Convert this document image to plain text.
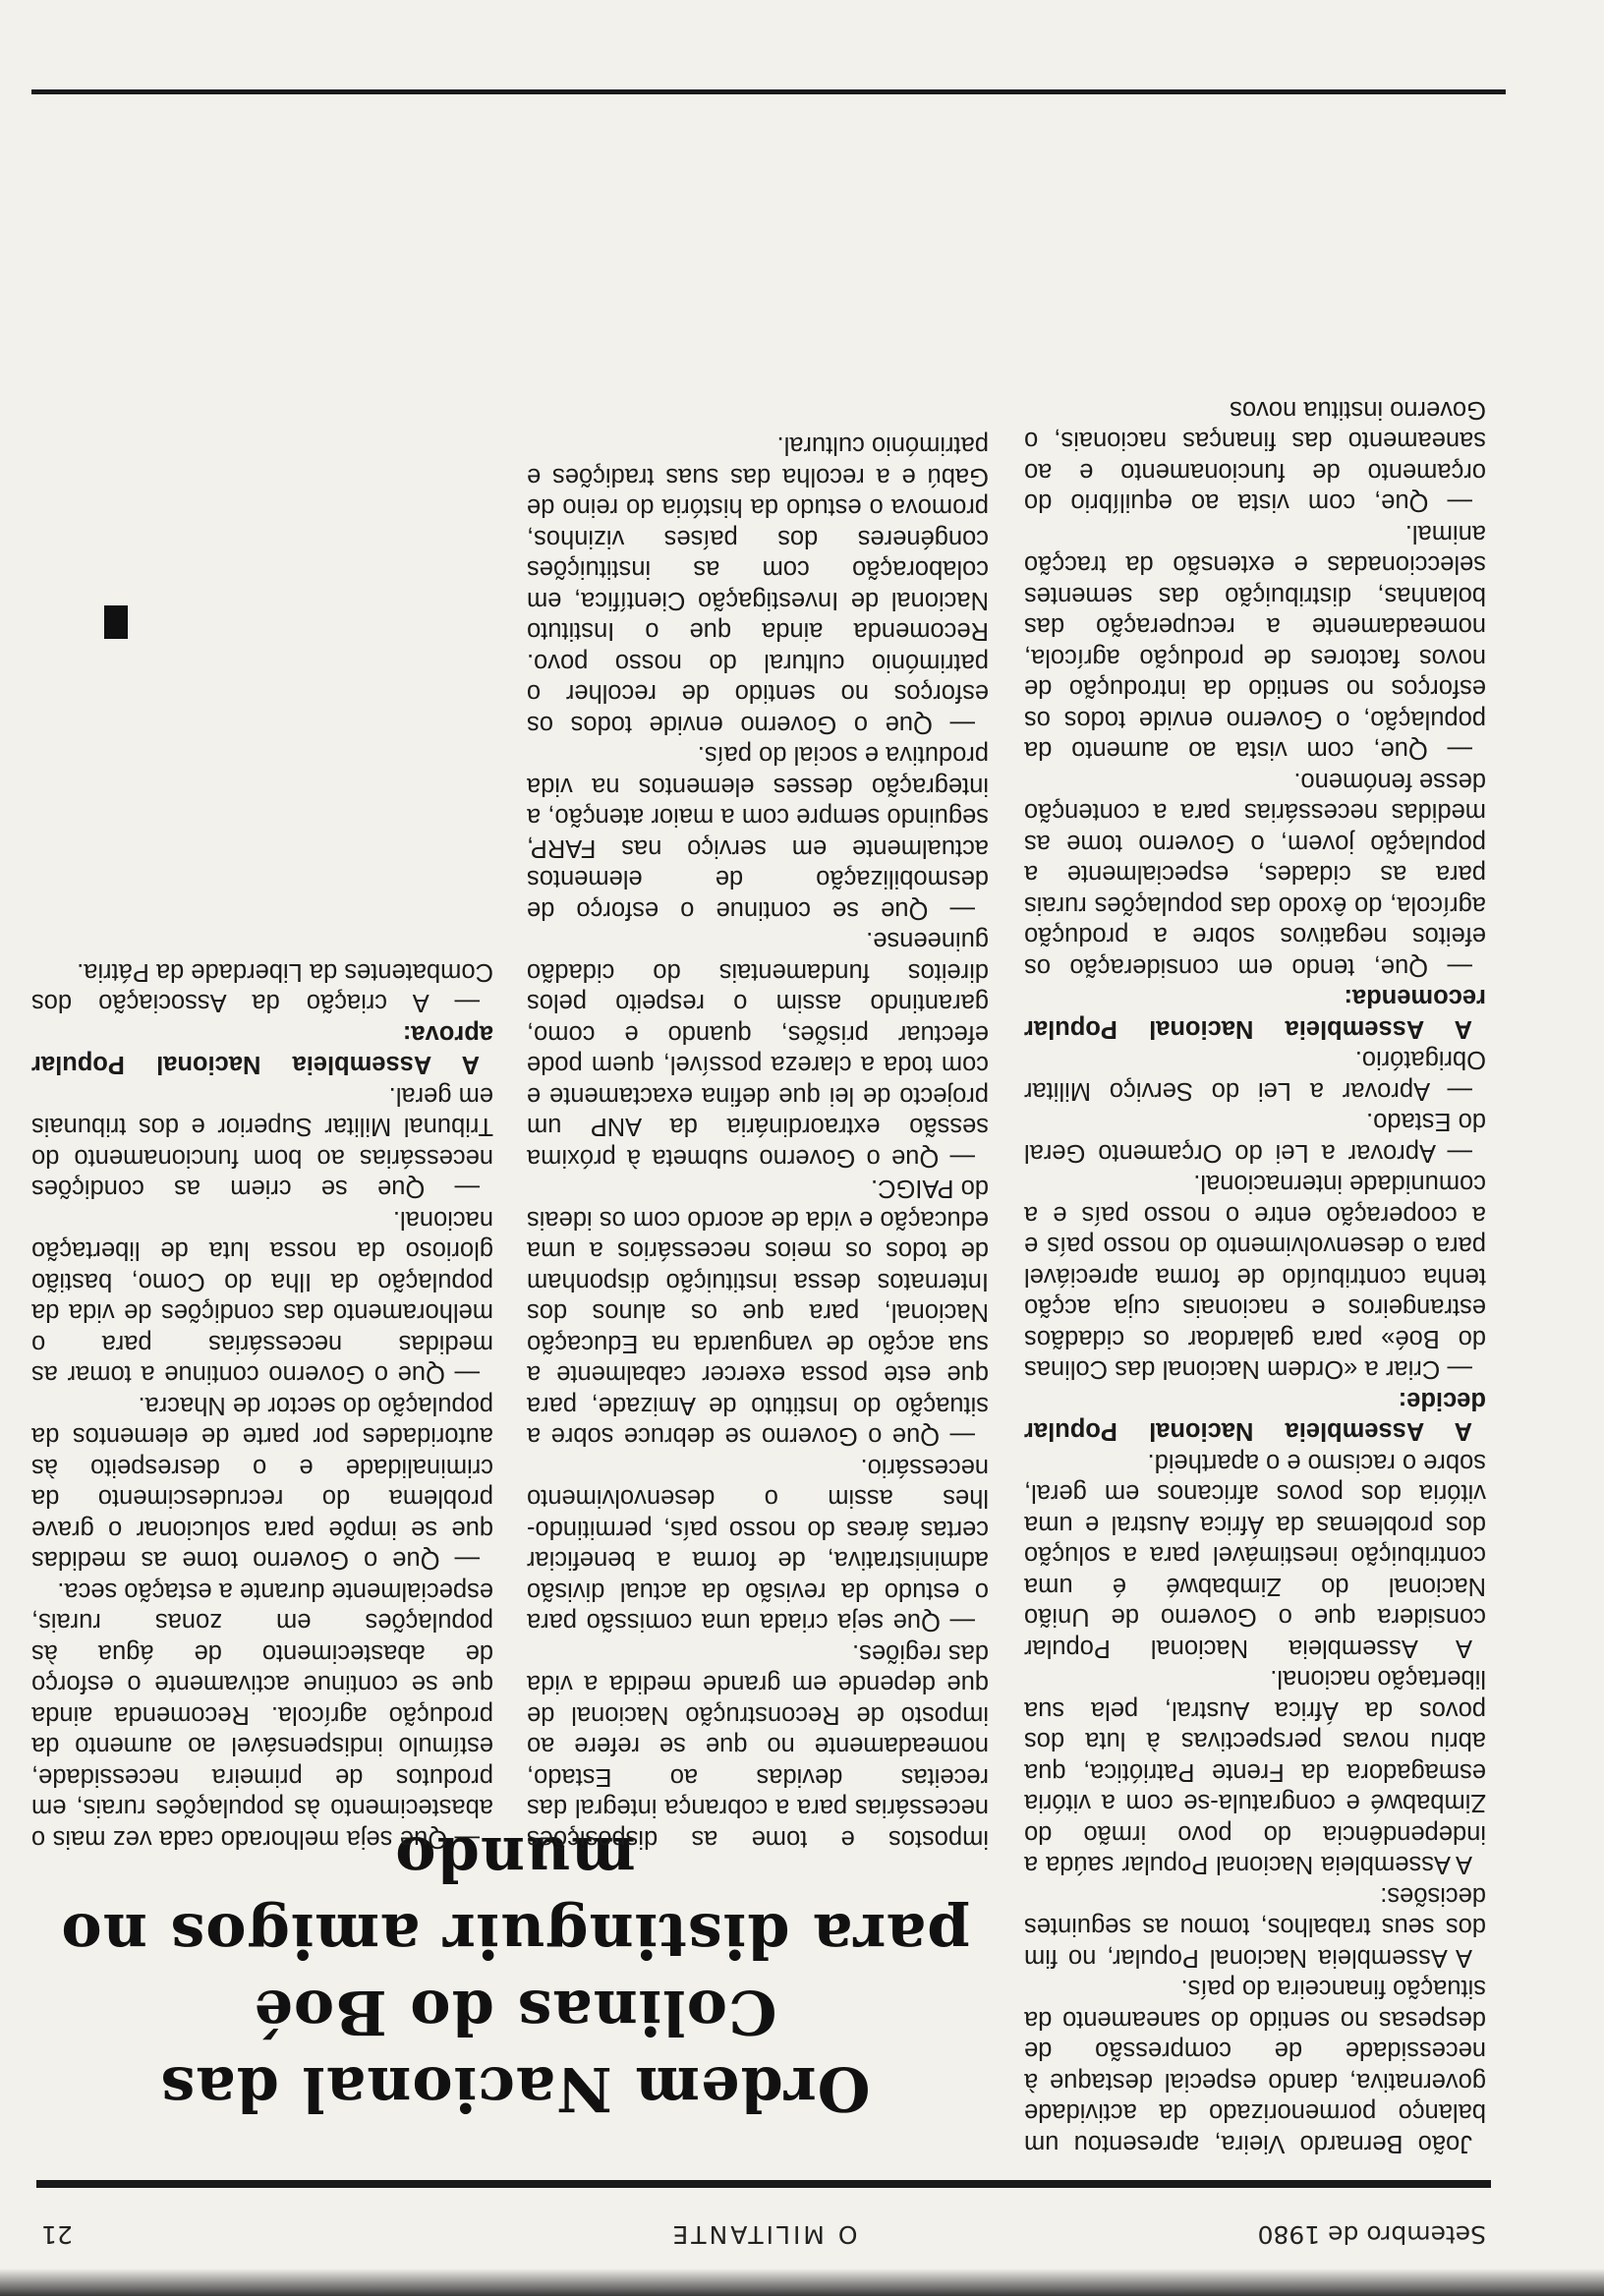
Setembro de 1980
O MILITANTE
21

João Bernardo Vieira, apresentou um balanço pormenorizado da actividade governativa, dando especial destaque à necessidade de compressão de despesas no sentido do saneamento da situação financeira do país.

A Assembleia Nacional Popular, no fim dos seus trabalhos, tomou as seguintes decisões:

A Assembleia Nacional Popular saúda a independência do povo irmão do Zimbabwé e congratula-se com a vitória esmagadora da Frente Patriótica, qua abriu novas perspectivas à luta dos povos da África Austral, pela sua libertação nacional.

A Assembleia Nacional Popular considera que o Governo de União Nacional do Zimbabwé é uma contribuição inestimável para a solução dos problemas da África Austral e uma vitória dos povos africanos em geral, sobre o racismo e o apartheid.

A Assembleia Nacional Popular decide:

— Criar a «Ordem Nacional das Colinas do Boé» para galardoar os cidadãos estrangeiros e nacionais cuja acção tenha contribuído de forma apreciável para o desenvolvimento do nosso país e a cooperação entre o nosso país e a comunidade internacional.

— Aprovar a Lei do Orçamento Geral do Estado.

— Aprovar a Lei do Serviço Militar Obrigatório.

A Assembleia Nacional Popular recomenda:

— Que, tendo em consideração os efeitos negativos sobre a produção agrícola, do êxodo das populações rurais para as cidades, especialmente a população jovem, o Governo tome as medidas necessárias para a contenção desse fenómeno.

— Que, com vista ao aumento da população, o Governo envide todos os esforços no sentido da introdução de novos factores de produção agrícola, nomeadamente a recuperação das bolanhas, distribuição das sementes seleccionadas e extensão da tracção animal.

— Que, com vista ao equilíbrio do orçamento de funcionamento e ao saneamento das finanças nacionais, o Governo institua novos

Ordem Nacional das Colinas do Boé
para distinguir amigos no mundo

impostos e tome as disposições necessárias para a cobrança integral das receitas devidas ao Estado, nomeadamente no que se refere ao imposto de Reconstrução Nacional de que depende em grande medida a vida das regiões.

— Que seja criada uma comissão para o estudo da revisão da actual divisão administrativa, de forma a beneficiar certas áreas do nosso país, permitindo-lhes assim o desenvolvimento necessário.

— Que o Governo se debruce sobre a situação do Instituto de Amizade, para que este possa exercer cabalmente a sua acção de vanguarda na Educação Nacional, para que os alunos dos Internatos dessa instituição disponham de todos os meios necessários a uma educação e vida de acordo com os ideais do PAIGC.

— Que o Governo submeta à próxima sessão extraordinária da ANP um projecto de lei que defina exactamente e com toda a clareza possível, quem pode efectuar prisões, quando e como, garantindo assim o respeito pelos direitos fundamentais do cidadão guineense.

— Que se continue o esforço de desmobilização de elementos actualmente em serviço nas FARP, seguindo sempre com a maior atenção, a integração desses elementos na vida produtiva e social do país.

— Que o Governo envide todos os esforços no sentido de recolher o património cultural do nosso povo. Recomenda ainda que o Instituto Nacional de Investigação Científica, em colaboração com as instituições congéneres dos países vizinhos, promova o estudo da história do reino de Gabú e a recolha das suas tradições e património cultural.

— Que seja melhorado cada vez mais o abastecimento às populações rurais, em produtos de primeira necessidade, estímulo indispensável ao aumento da produção agrícola. Recomenda ainda que se continue activamente o esforço de abastecimento de água às populações em zonas rurais, especialmente durante a estação seca.

— Que o Governo tome as medidas que se impõe para solucionar o grave problema do recrudescimento da criminalidade e o desrespeito às autoridades por parte de elementos da população do sector de Nhacra.

— Que o Governo continue a tomar as medidas necessárias para o melhoramento das condições de vida da população da Ilha do Como, bastião glorioso da nossa luta de libertação nacional.

— Que se criem as condições necessárias ao bom funcionamento do Tribunal Militar Superior e dos tribunais em geral.

A Assembleia Nacional Popular aprova:

— A criação da Associação dos Combatentes da Liberdade da Pátria.
